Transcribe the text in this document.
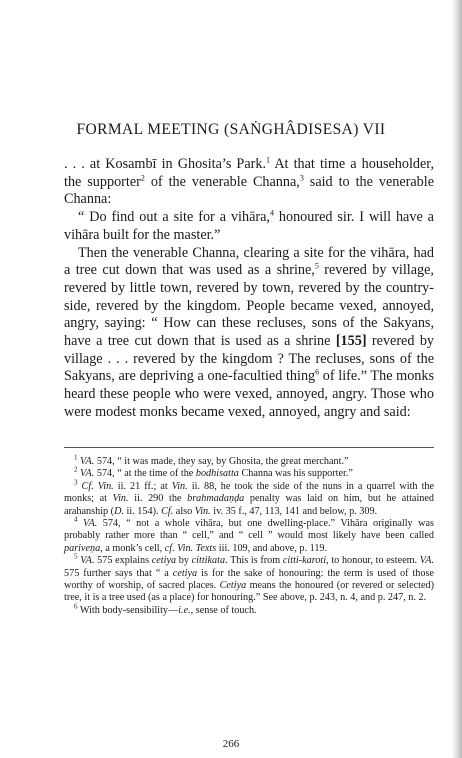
FORMAL MEETING (SAṄGHÂDISESA) VII

. . . at Kosambī in Ghosita’s Park.$^1$ At that time a householder, the supporter$^2$ of the venerable Channa,$^3$ said to the venerable Channa:

“ Do find out a site for a vihāra,$^4$ honoured sir. I will have a vihāra built for the master.”

Then the venerable Channa, clearing a site for the vihāra, had a tree cut down that was used as a shrine,$^5$ revered by village, revered by little town, revered by town, revered by the country-side, revered by the kingdom. People became vexed, annoyed, angry, saying: “ How can these recluses, sons of the Sakyans, have a tree cut down that is used as a shrine [155] revered by village . . . revered by the kingdom ? The recluses, sons of the Sakyans, are depriving a one-facultied thing$^6$ of life.” The monks heard these people who were vexed, annoyed, angry. Those who were modest monks became vexed, annoyed, angry and said:

$^1$ VA. 574, “ it was made, they say, by Ghosita, the great merchant.”

$^2$ VA. 574, “ at the time of the bodhisatta Channa was his supporter.”

$^3$ Cf. Vin. ii. 21 ff.; at Vin. ii. 88, he took the side of the nuns in a quarrel with the monks; at Vin. ii. 290 the brahmadaṇḍa penalty was laid on him, but he attained arahanship (D. ii. 154). Cf. also Vin. iv. 35 f., 47, 113, 141 and below, p. 309.

$^4$ VA. 574, “ not a whole vihāra, but one dwelling-place.” Vihāra originally was probably rather more than “ cell,” and “ cell ” would most likely have been called pariveṇa, a monk’s cell, cf. Vin. Texts iii. 109, and above, p. 119.

$^5$ VA. 575 explains cetiya by cittikata. This is from citti-karoti, to honour, to esteem. VA. 575 further says that “ a cetiya is for the sake of honouring: the term is used of those worthy of worship, of sacred places. Cetiya means the honoured (or revered or selected) tree, it is a tree used (as a place) for honouring.” See above, p. 243, n. 4, and p. 247, n. 2.

$^6$ With body-sensibility—i.e., sense of touch.

266
